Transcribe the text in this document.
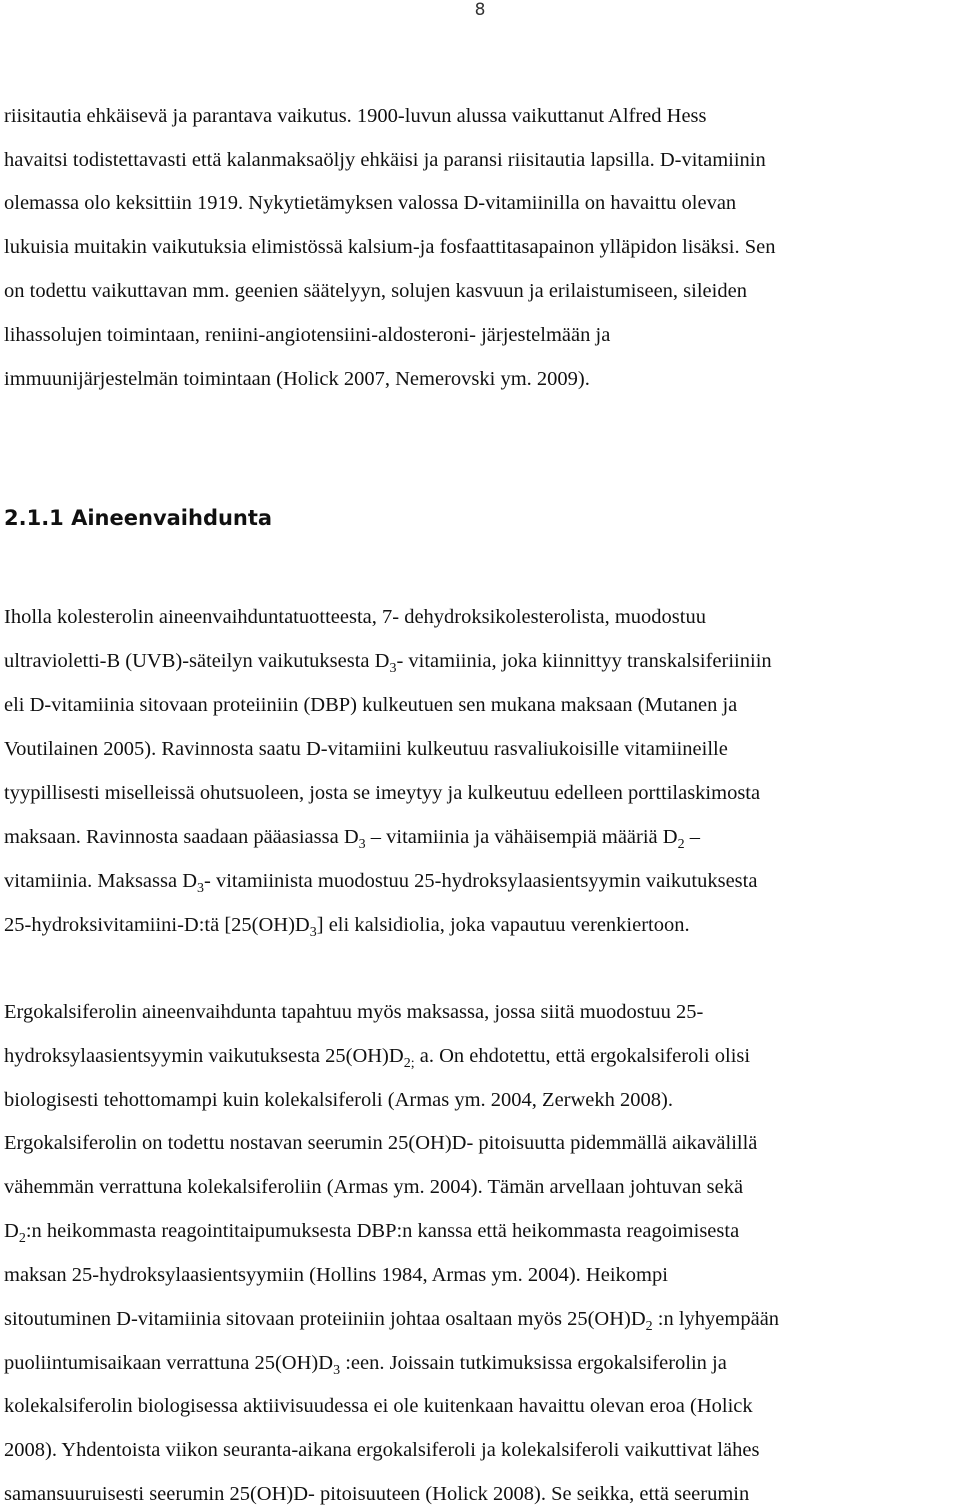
8
riisitautia ehkäisevä ja parantava vaikutus. 1900-luvun alussa vaikuttanut Alfred Hess
havaitsi todistettavasti että kalanmaksaöljy ehkäisi ja paransi riisitautia lapsilla. D-vitamiinin
olemassa olo keksittiin 1919. Nykytietämyksen valossa D-vitamiinilla on havaittu olevan
lukuisia muitakin vaikutuksia elimistössä kalsium-ja fosfaattitasapainon ylläpidon lisäksi. Sen
on todettu vaikuttavan mm. geenien säätelyyn, solujen kasvuun ja erilaistumiseen, sileiden
lihassolujen toimintaan, reniini-angiotensiini-aldosteroni- järjestelmään ja
immuunijärjestelmän toimintaan (Holick 2007, Nemerovski ym. 2009).
2.1.1 Aineenvaihdunta
Iholla kolesterolin aineenvaihduntatuotteesta, 7- dehydroksikolesterolista, muodostuu
ultravioletti-B (UVB)-säteilyn vaikutuksesta $D_3-$ vitamiinia, joka kiinnittyy transkalsiferiiniin
eli D-vitamiinia sitovaan proteiiniin (DBP) kulkeutuen sen mukana maksaan (Mutanen ja
Voutilainen 2005). Ravinnosta saatu D-vitamiini kulkeutuu rasvaliukoisille vitamiineille
tyypillisesti miselleissä ohutsuoleen, josta se imeytyy ja kulkeutuu edelleen porttilaskimosta
maksaan. Ravinnosta saadaan pääasiassa $D_3$ – vitamiinia ja vähäisempiä määriä $D_2$ –
vitamiinia. Maksassa $D_3-$ vitamiinista muodostuu 25-hydroksylaasientsyymin vaikutuksesta
25-hydroksivitamiini-D:tä $[25(OH)D_3]$ eli kalsidiolia, joka vapautuu verenkiertoon.
Ergokalsiferolin aineenvaihdunta tapahtuu myös maksassa, jossa siitä muodostuu 25-
hydroksylaasientsyymin vaikutuksesta $25(OH)D_{2;}$ a. On ehdotettu, että ergokalsiferoli olisi
biologisesti tehottomampi kuin kolekalsiferoli (Armas ym. 2004, Zerwekh 2008).
Ergokalsiferolin on todettu nostavan seerumin 25(OH)D- pitoisuutta pidemmällä aikavälillä
vähemmän verrattuna kolekalsiferoliin (Armas ym. 2004). Tämän arvellaan johtuvan sekä
$D_2:n$ heikommasta reagointitaipumuksesta DBP:n kanssa että heikommasta reagoimisesta
maksan 25-hydroksylaasientsyymiin (Hollins 1984, Armas ym. 2004). Heikompi
sitoutuminen D-vitamiinia sitovaan proteiiniin johtaa osaltaan myös $25(OH)D_2$ :n lyhyempään
puoliintumisaikaan verrattuna $25(OH)D_3$ :een. Joissain tutkimuksissa ergokalsiferolin ja
kolekalsiferolin biologisessa aktiivisuudessa ei ole kuitenkaan havaittu olevan eroa (Holick
2008). Yhdentoista viikon seuranta-aikana ergokalsiferoli ja kolekalsiferoli vaikuttivat lähes
samansuuruisesti seerumin 25(OH)D- pitoisuuteen (Holick 2008). Se seikka, että seerumin
